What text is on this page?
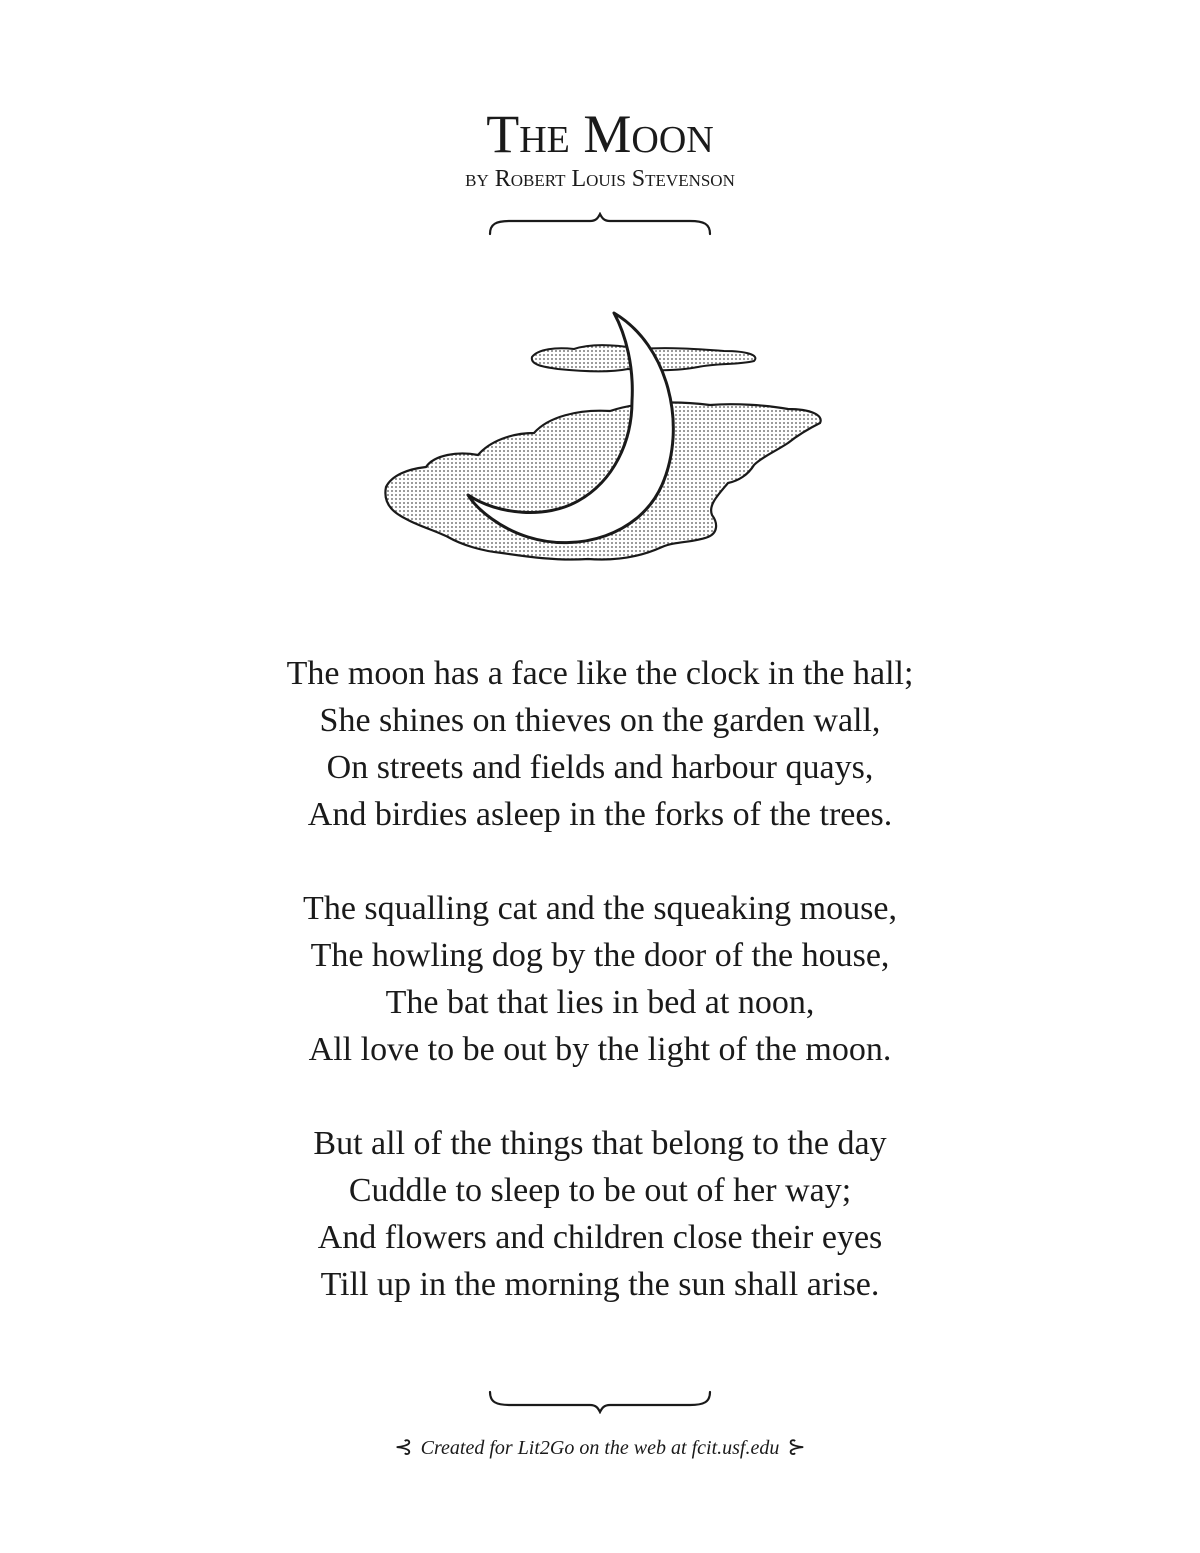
The Moon
by Robert Louis Stevenson
The moon has a face like the clock in the hall;
She shines on thieves on the garden wall,
On streets and fields and harbour quays,
And birdies asleep in the forks of the trees.
The squalling cat and the squeaking mouse,
The howling dog by the door of the house,
The bat that lies in bed at noon,
All love to be out by the light of the moon.
But all of the things that belong to the day
Cuddle to sleep to be out of her way;
And flowers and children close their eyes
Till up in the morning the sun shall arise.
⊰ Created for Lit2Go on the web at fcit.usf.edu ⊱
